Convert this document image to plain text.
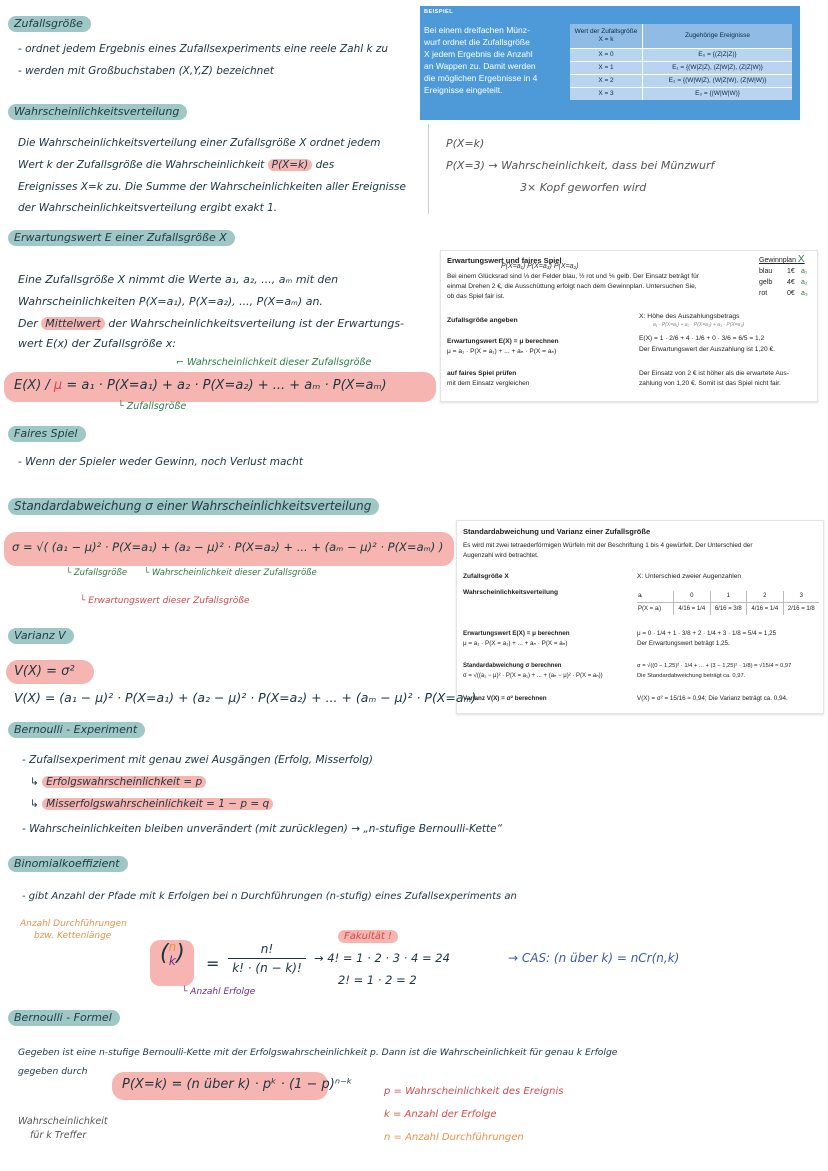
Zufallsgröße
- ordnet jedem Ergebnis eines Zufallsexperiments eine reele Zahl k zu
- werden mit Großbuchstaben (X,Y,Z) bezeichnet
BEISPIEL
Bei einem dreifachen Münz-
wurf ordnet die Zufallsgröße
X jedem Ergebnis die Anzahl
an Wappen zu. Damit werden
die möglichen Ergebnisse in 4
Ereignisse eingeteilt.
Wert der Zufallsgröße
X = k	Zugehörige Ereignisse
X = 0	E₀ = {(Z|Z|Z)}
X = 1	E₁ = {(W|Z|Z), (Z|W|Z), (Z|Z|W)}
X = 2	E₂ = {(W|W|Z), (W|Z|W), (Z|W|W)}
X = 3	E₃ = {(W|W|W)}
Wahrscheinlichkeitsverteilung
Die Wahrscheinlichkeitsverteilung einer Zufallsgröße X ordnet jedem
Wert k der Zufallsgröße die Wahrscheinlichkeit P(X=k) des
Ereignisses X=k zu. Die Summe der Wahrscheinlichkeiten aller Ereignisse
der Wahrscheinlichkeitsverteilung ergibt exakt 1.
P(X=k)
P(X=3) → Wahrscheinlichkeit, dass bei Münzwurf
3× Kopf geworfen wird
Erwartungswert E einer Zufallsgröße X
Eine Zufallsgröße X nimmt die Werte a₁, a₂, ..., aₘ mit den
Wahrscheinlichkeiten P(X=a₁), P(X=a₂), ..., P(X=aₘ) an.
Der Mittelwert der Wahrscheinlichkeitsverteilung ist der Erwartungs-
wert E(x) der Zufallsgröße x:
⌐ Wahrscheinlichkeit dieser Zufallsgröße
E(X) / μ = a₁ · P(X=a₁) + a₂ · P(X=a₂) + ... + aₘ · P(X=aₘ)
└ Zufallsgröße
Erwartungswert und faires Spiel
P(X=a₁) P(X=a₃) P(X=a₂)
Bei einem Glücksrad sind ⅓ der Felder blau, ½ rot und ⅙ gelb. Der Einsatz beträgt für
einmal Drehen 2 €, die Ausschüttung erfolgt nach dem Gewinnplan. Untersuchen Sie,
ob das Spiel fair ist.
Gewinnplan X
blau 1€ a₁
gelb 4€ a₂
rot	0€ a₃
Zufallsgröße angeben
X: Höhe des Auszahlungsbetrags
a₁ · P(X=a₁) + a₂ · P(X=a₂) + a₃ · P(X=a₃)
Erwartungswert E(X) = μ berechnen
μ = a₁ · P(X = a₁) + ... + aₙ · P(X = aₙ)
E(X) = 1 · 2/6 + 4 · 1/6 + 0 · 3/6 = 6/5 = 1,2
Der Erwartungswert der Auszahlung ist 1,20 €.
auf faires Spiel prüfen
mit dem Einsatz vergleichen
Der Einsatz von 2 € ist höher als die erwartete Aus-
zahlung von 1,20 €. Somit ist das Spiel nicht fair.
Faires Spiel
- Wenn der Spieler weder Gewinn, noch Verlust macht
Standardabweichung σ einer Wahrscheinlichkeitsverteilung
σ = √( (a₁ − μ)² · P(X=a₁) + (a₂ − μ)² · P(X=a₂) + ... + (aₘ − μ)² · P(X=aₘ) )
└ Zufallsgröße └ Wahrscheinlichkeit dieser Zufallsgröße
└ Erwartungswert dieser Zufallsgröße
Standardabweichung und Varianz einer Zufallsgröße
Es wird mit zwei tetraederförmigen Würfeln mit der Beschriftung 1 bis 4 gewürfelt. Der Unterschied der
Augenzahl wird betrachtet.
Zufallsgröße X	X: Unterschied zweier Augenzahlen
Wahrscheinlichkeitsverteilung
aᵢ	0	1	2	3
P(X = aᵢ)	4/16 = 1/4	6/16 = 3/8	4/16 = 1/4	2/16 = 1/8
Erwartungswert E(X) = μ berechnen
μ = a₁ · P(X = a₁) + ... + aₙ · P(X = aₙ)
μ = 0 · 1/4 + 1 · 3/8 + 2 · 1/4 + 3 · 1/8 = 5/4 = 1,25
Der Erwartungswert beträgt 1,25.
Standardabweichung σ berechnen
σ = √((a₁ − μ)² · P(X = a₁) + ... + (aₙ − μ)² · P(X = aₙ))
σ = √((0 − 1,25)² · 1/4 + ... + (3 − 1,25)² · 1/8) = √15/4 ≈ 0,97
Die Standardabweichung beträgt ca. 0,97.
Varianz V(X) = σ² berechnen	V(X) = σ² = 15/16 ≈ 0,94; Die Varianz beträgt ca. 0,94.
Varianz V
V(X) = σ²
V(X) = (a₁ − μ)² · P(X=a₁) + (a₂ − μ)² · P(X=a₂) + ... + (aₘ − μ)² · P(X=aₘ)
Bernoulli - Experiment
- Zufallsexperiment mit genau zwei Ausgängen (Erfolg, Misserfolg)
↳ Erfolgswahrscheinlichkeit = p
↳ Misserfolgswahrscheinlichkeit = 1 − p = q
- Wahrscheinlichkeiten bleiben unverändert (mit zurücklegen) → „n-stufige Bernoulli-Kette“
Binomialkoeffizient
- gibt Anzahl der Pfade mit k Erfolgen bei n Durchführungen (n-stufig) eines Zufallsexperiments an
Anzahl Durchführungen
bzw. Kettenlänge
( n
k ) =
n!
k! · (n − k)!
└ Anzahl Erfolge
Fakultät !
→ 4! = 1 · 2 · 3 · 4 = 24
2! = 1 · 2 = 2
→ CAS: (n über k) = nCr(n,k)
Bernoulli - Formel
Gegeben ist eine n-stufige Bernoulli-Kette mit der Erfolgswahrscheinlichkeit p. Dann ist die Wahrscheinlichkeit für genau k Erfolge
gegeben durch
P(X=k) = (n über k) · pᵏ · (1 − p)ⁿ⁻ᵏ
Wahrscheinlichkeit
für k Treffer
p = Wahrscheinlichkeit des Ereignis
k = Anzahl der Erfolge
n = Anzahl Durchführungen
